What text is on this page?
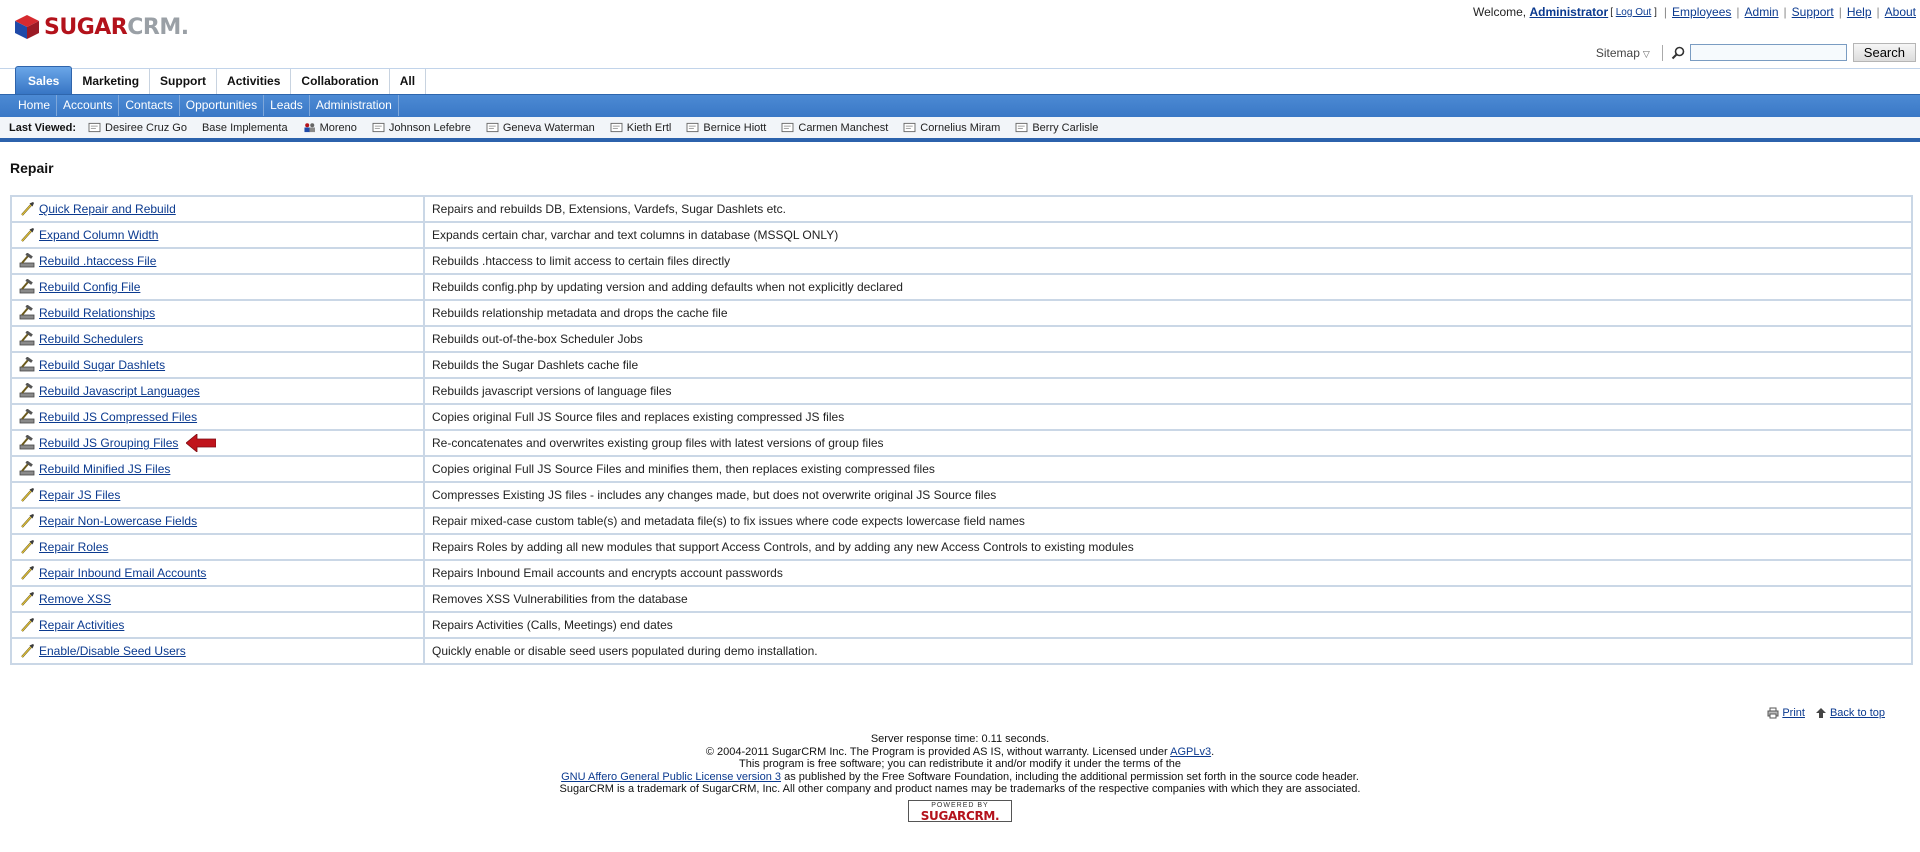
SUGARCRM.
Welcome, Administrator [ Log Out ] | Employees | Admin | Support | Help | About
Sitemap ▽	Search
Sales	Marketing	Support	Activities	Collaboration	All
Home	Accounts	Contacts	Opportunities	Leads	Administration
Last Viewed:	Desiree Cruz Go Base Implementa	Moreno	Johnson Lefebre	Geneva Waterman	Kieth Ertl	Bernice Hiott	Carmen Manchest	Cornelius Miram	Berry Carlisle
Repair
Quick Repair and Rebuild	Repairs and rebuilds DB, Extensions, Vardefs, Sugar Dashlets etc.

Expand Column Width	Expands certain char, varchar and text columns in database (MSSQL ONLY)

Rebuild .htaccess File	Rebuilds .htaccess to limit access to certain files directly

Rebuild Config File	Rebuilds config.php by updating version and adding defaults when not explicitly declared

Rebuild Relationships	Rebuilds relationship metadata and drops the cache file

Rebuild Schedulers	Rebuilds out-of-the-box Scheduler Jobs

Rebuild Sugar Dashlets	Rebuilds the Sugar Dashlets cache file

Rebuild Javascript Languages	Rebuilds javascript versions of language files

Rebuild JS Compressed Files	Copies original Full JS Source files and replaces existing compressed JS files

Rebuild JS Grouping Files	Re-concatenates and overwrites existing group files with latest versions of group files

Rebuild Minified JS Files	Copies original Full JS Source Files and minifies them, then replaces existing compressed files

Repair JS Files	Compresses Existing JS files - includes any changes made, but does not overwrite original JS Source files

Repair Non-Lowercase Fields	Repair mixed-case custom table(s) and metadata file(s) to fix issues where code expects lowercase field names

Repair Roles	Repairs Roles by adding all new modules that support Access Controls, and by adding any new Access Controls to existing modules

Repair Inbound Email Accounts	Repairs Inbound Email accounts and encrypts account passwords

Remove XSS	Removes XSS Vulnerabilities from the database

Repair Activities	Repairs Activities (Calls, Meetings) end dates

Enable/Disable Seed Users	Quickly enable or disable seed users populated during demo installation.
Print Back to top
Server response time: 0.11 seconds.
© 2004-2011 SugarCRM Inc. The Program is provided AS IS, without warranty. Licensed under AGPLv3.
This program is free software; you can redistribute it and/or modify it under the terms of the
GNU Affero General Public License version 3 as published by the Free Software Foundation, including the additional permission set forth in the source code header.
SugarCRM is a trademark of SugarCRM, Inc. All other company and product names may be trademarks of the respective companies with which they are associated.
POWERED BY
SUGARCRM.
